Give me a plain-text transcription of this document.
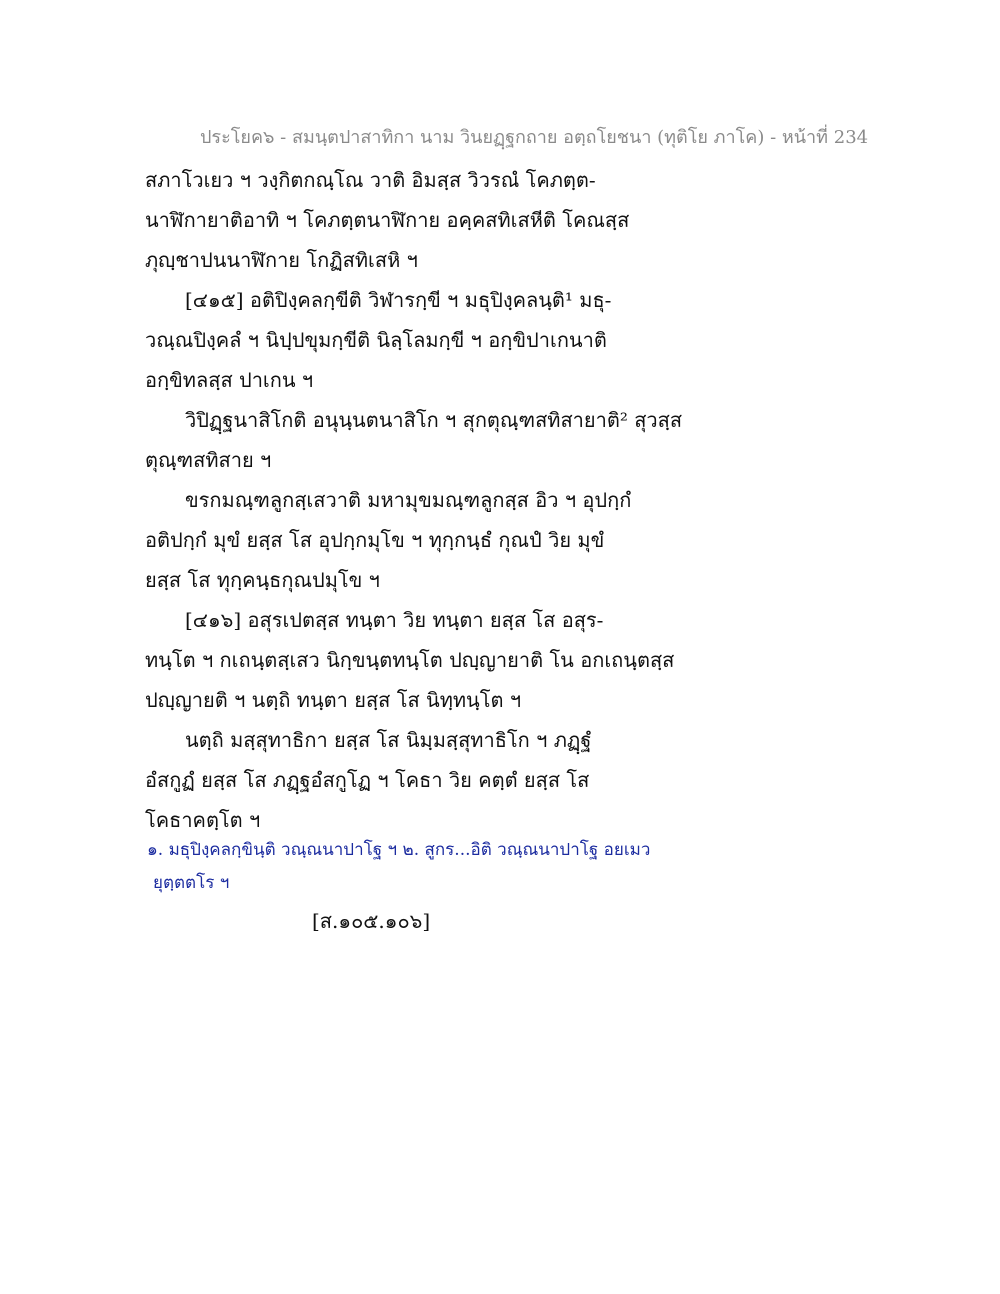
ประโยค๖ - สมนฺตปาสาทิกา นาม วินยฏฺฐกถาย อตฺถโยชนา (ทุติโย ภาโค) - หน้าที่ 234
สภาโวเยว ฯ วงฺกิตกณฺโณ วาติ อิมสฺส วิวรณํ โคภตฺต-
นาฬิกายาติอาทิ ฯ โคภตฺตนาฬิกาย อคฺคสทิเสหีติ โคณสฺส
ภุญฺชาปนนาฬิกาย โกฏิสทิเสหิ ฯ
[๔๑๕] อติปิงฺคลกฺขีติ วิฬารกฺขี ฯ มธุปิงฺคลนฺติ¹ มธุ-
วณฺณปิงฺคลํ ฯ นิปฺปขุมกฺขีติ นิลฺโลมกฺขี ฯ อกฺขิปาเกนาติ
อกฺขิทลสฺส ปาเกน ฯ
วิปิฏฺฐนาสิโกติ อนุนฺนตนาสิโก ฯ สุกตุณฺฑสทิสายาติ² สุวสฺส
ตุณฺฑสทิสาย ฯ
ขรกมณฺฑลูกสฺเสวาติ มหามุขมณฺฑลูกสฺส อิว ฯ อุปกฺกํ
อติปกฺกํ มุขํ ยสฺส โส อุปกฺกมุโข ฯ ทุกฺกนฺธํ กุณปํ วิย มุขํ
ยสฺส โส ทุกฺคนฺธกุณปมุโข ฯ
[๔๑๖] อสุรเปตสฺส ทนฺตา วิย ทนฺตา ยสฺส โส อสุร-
ทนฺโต ฯ กเถนฺตสฺเสว นิกฺขนฺตทนฺโต ปญฺญายาติ โน อกเถนฺตสฺส
ปญฺญายติ ฯ นตฺถิ ทนฺตา ยสฺส โส นิทฺทนฺโต ฯ
นตฺถิ มสฺสุทาธิกา ยสฺส โส นิมฺมสฺสุทาธิโก ฯ ภฏฺฐํ
อํสกูฏํ ยสฺส โส ภฏฺฐอํสกูโฏ ฯ โคธา วิย คตฺตํ ยสฺส โส
โคธาคตฺโต ฯ
๑. มธุปิงฺคลกฺขินฺติ วณฺณนาปาโฐ ฯ ๒. สูกร...อิติ วณฺณนาปาโฐ อยเมว
ยุตฺตตโร ฯ
[ส.๑๐๕.๑๐๖]
